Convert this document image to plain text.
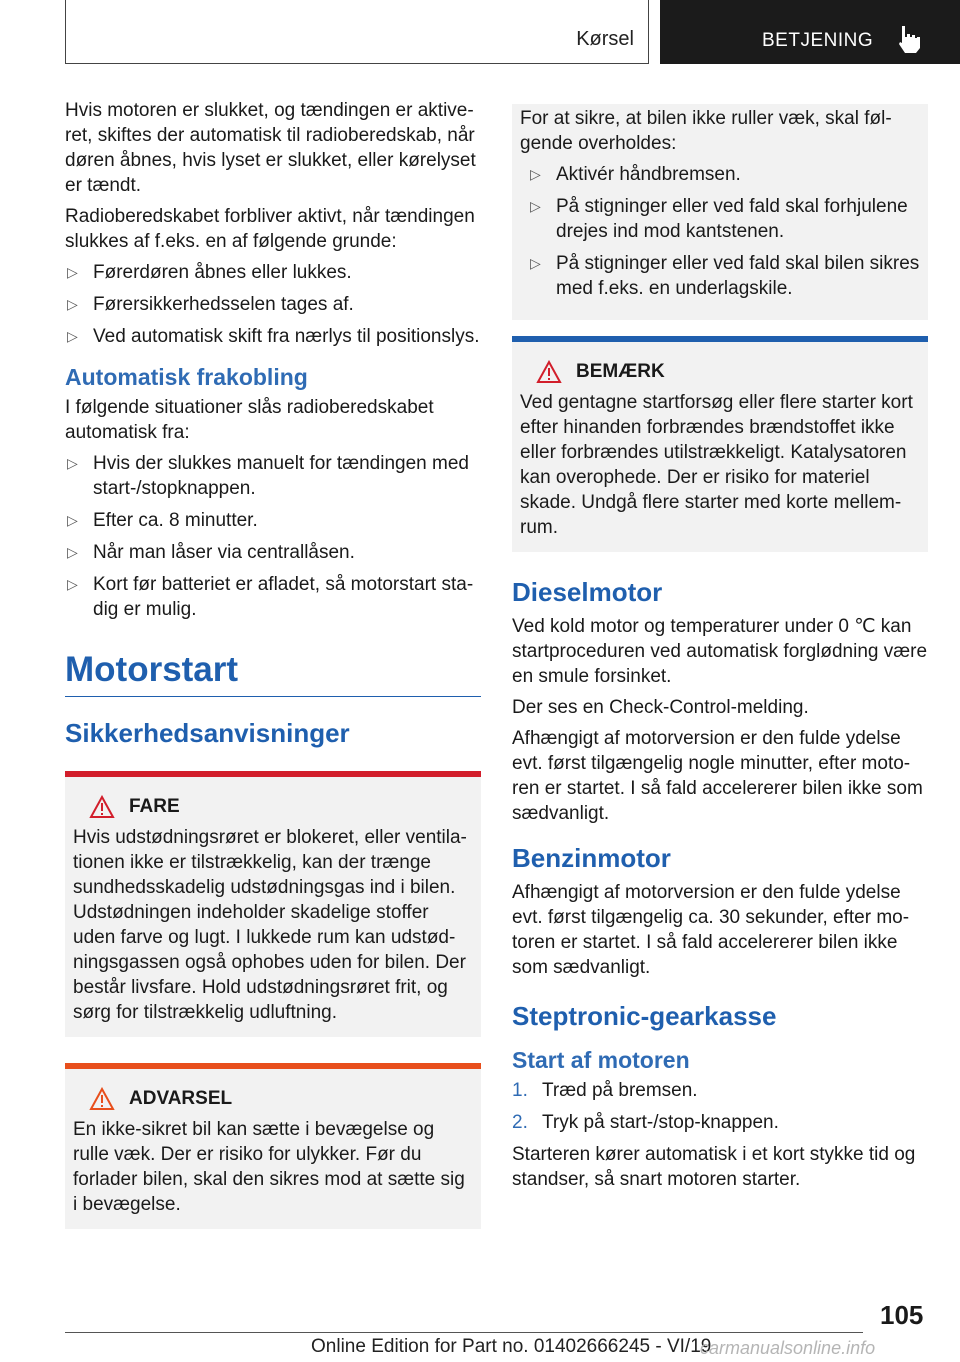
Kørsel	BETJENING

Hvis motoren er slukket, og tændingen er aktiveret, skiftes der automatisk til radioberedskab, når døren åbnes, hvis lyset er slukket, eller kørelyset er tændt.

Radioberedskabet forbliver aktivt, når tændingen slukkes af f.eks. en af følgende grunde:

▷ Førerdøren åbnes eller lukkes.
▷ Førersikkerhedsselen tages af.
▷ Ved automatisk skift fra nærlys til positionslys.
Automatisk frakobling

I følgende situationer slås radioberedskabet automatisk fra:

▷ Hvis der slukkes manuelt for tændingen med start-/stopknappen.
▷ Efter ca. 8 minutter.
▷ Når man låser via centrallåsen.
▷ Kort før batteriet er afladet, så motorstart stadig er mulig.
Motorstart
Sikkerhedsanvisninger
FARE

Hvis udstødningsrøret er blokeret, eller ventilationen ikke er tilstrækkelig, kan der trænge sundhedsskadelig udstødningsgas ind i bilen. Udstødningen indeholder skadelige stoffer uden farve og lugt. I lukkede rum kan udstødningsgassen også ophobes uden for bilen. Der består livsfare. Hold udstødningsrøret frit, og sørg for tilstrækkelig udluftning.

ADVARSEL

En ikke-sikret bil kan sætte i bevægelse og rulle væk. Der er risiko for ulykker. Før du forlader bilen, skal den sikres mod at sætte sig i bevægelse.

For at sikre, at bilen ikke ruller væk, skal følgende overholdes:

▷ Aktivér håndbremsen.
▷ På stigninger eller ved fald skal forhjulene drejes ind mod kantstenen.
▷ På stigninger eller ved fald skal bilen sikres med f.eks. en underlagskile.
BEMÆRK

Ved gentagne startforsøg eller flere starter kort efter hinanden forbrændes brændstoffet ikke eller forbrændes utilstrækkeligt. Katalysatoren kan overophede. Der er risiko for materiel skade. Undgå flere starter med korte mellemrum.

Dieselmotor

Ved kold motor og temperaturer under 0 ℃ kan startproceduren ved automatisk forglødning være en smule forsinket.

Der ses en Check-Control-melding.

Afhængigt af motorversion er den fulde ydelse evt. først tilgængelig nogle minutter, efter motoren er startet. I så fald accelererer bilen ikke som sædvanligt.

Benzinmotor

Afhængigt af motorversion er den fulde ydelse evt. først tilgængelig ca. 30 sekunder, efter motoren er startet. I så fald accelererer bilen ikke som sædvanligt.

Steptronic-gearkasse
Start af motoren
1. Træd på bremsen.
2. Tryk på start-/stop-knappen.

Starteren kører automatisk i et kort stykke tid og standser, så snart motoren starter.

105
Online Edition for Part no. 01402666245 - VI/19
carmanualsonline.info
